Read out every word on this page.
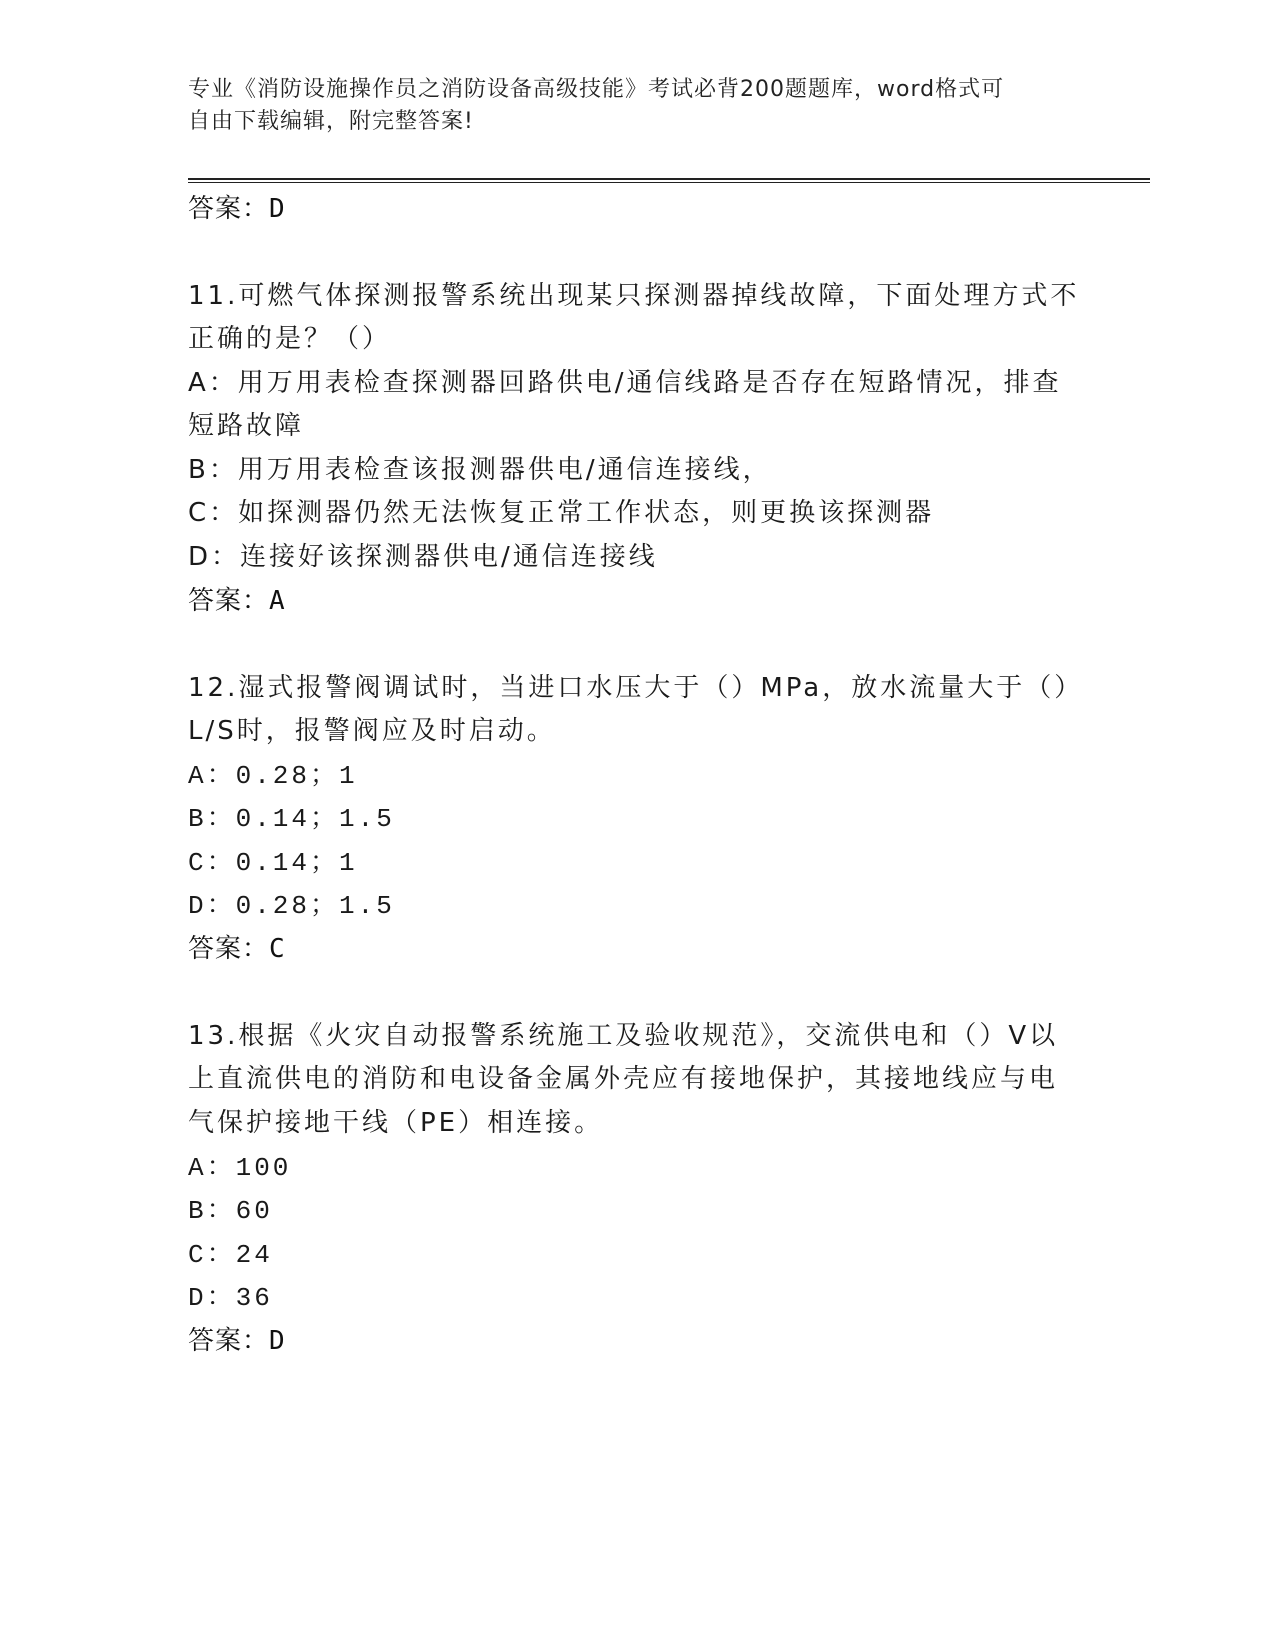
专业《消防设施操作员之消防设备高级技能》考试必背200题题库，word格式可
自由下载编辑，附完整答案!
答案：D
11.可燃气体探测报警系统出现某只探测器掉线故障，下面处理方式不
正确的是？（）
A：用万用表检查探测器回路供电/通信线路是否存在短路情况，排查
短路故障
B：用万用表检查该报测器供电/通信连接线，
C：如探测器仍然无法恢复正常工作状态，则更换该探测器
D：连接好该探测器供电/通信连接线
答案：A
12.湿式报警阀调试时，当进口水压大于（）MPa，放水流量大于（）
L/S时，报警阀应及时启动。
A：0.28；1
B：0.14；1.5
C：0.14；1
D：0.28；1.5
答案：C
13.根据《火灾自动报警系统施工及验收规范》，交流供电和（）V以
上直流供电的消防和电设备金属外壳应有接地保护，其接地线应与电
气保护接地干线（PE）相连接。
A：100
B：60
C：24
D：36
答案：D
